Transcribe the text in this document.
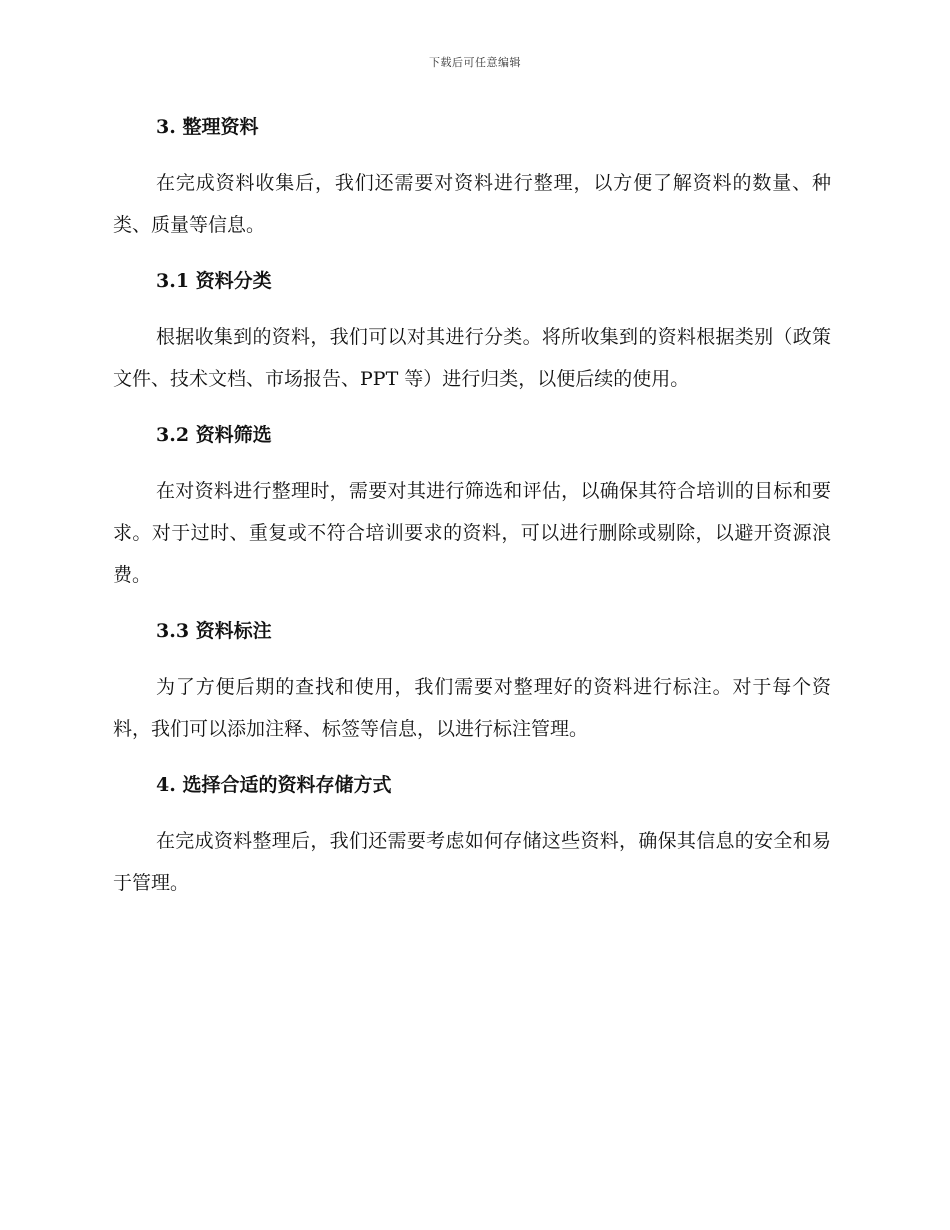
下载后可任意编辑
3. 整理资料

在完成资料收集后，我们还需要对资料进行整理，以方便了解资料的数量、种类、质量等信息。

3.1 资料分类

根据收集到的资料，我们可以对其进行分类。将所收集到的资料根据类别（政策文件、技术文档、市场报告、PPT 等）进行归类，以便后续的使用。

3.2 资料筛选

在对资料进行整理时，需要对其进行筛选和评估，以确保其符合培训的目标和要求。对于过时、重复或不符合培训要求的资料，可以进行删除或剔除，以避开资源浪费。

3.3 资料标注

为了方便后期的查找和使用，我们需要对整理好的资料进行标注。对于每个资料，我们可以添加注释、标签等信息，以进行标注管理。

4. 选择合适的资料存储方式

在完成资料整理后，我们还需要考虑如何存储这些资料，确保其信息的安全和易于管理。
